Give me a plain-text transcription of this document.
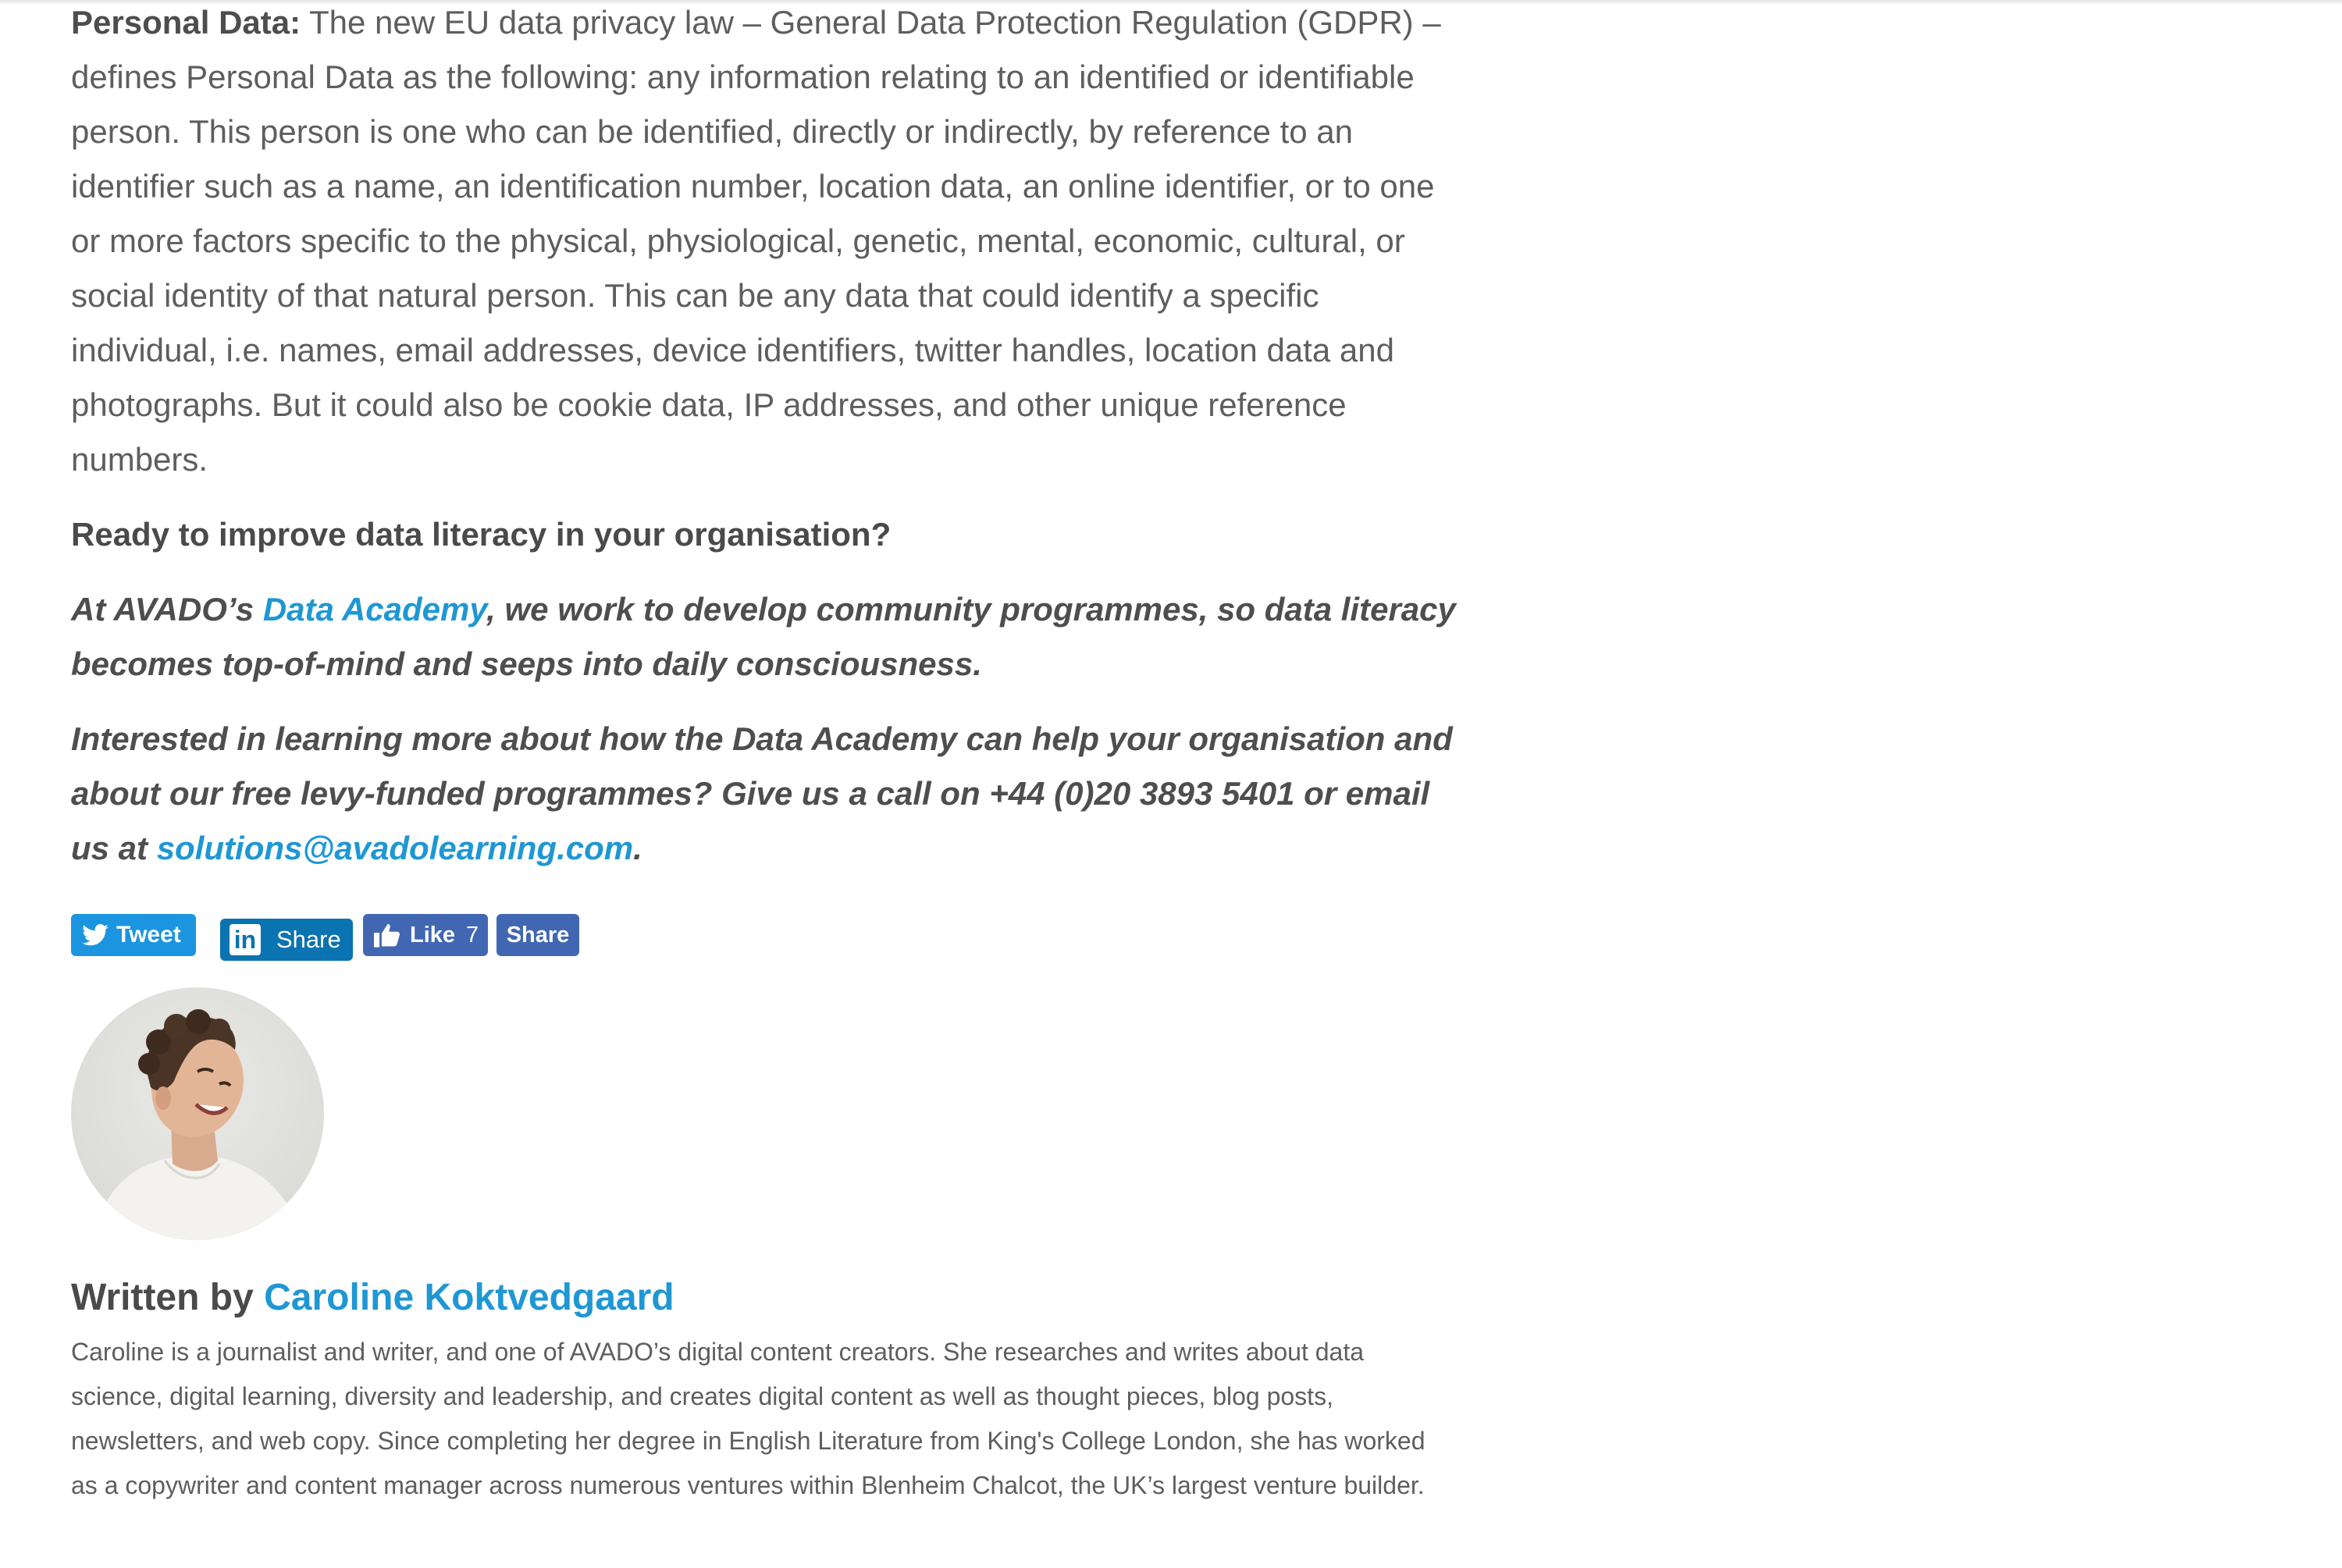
Personal Data: The new EU data privacy law – General Data Protection Regulation (GDPR) – defines Personal Data as the following: any information relating to an identified or identifiable person. This person is one who can be identified, directly or indirectly, by reference to an identifier such as a name, an identification number, location data, an online identifier, or to one or more factors specific to the physical, physiological, genetic, mental, economic, cultural, or social identity of that natural person. This can be any data that could identify a specific individual, i.e. names, email addresses, device identifiers, twitter handles, location data and photographs. But it could also be cookie data, IP addresses, and other unique reference numbers.

Ready to improve data literacy in your organisation?

At AVADO’s Data Academy, we work to develop community programmes, so data literacy becomes top-of-mind and seeps into daily consciousness.

Interested in learning more about how the Data Academy can help your organisation and about our free levy-funded programmes? Give us a call on +44 (0)20 3893 5401 or email us at solutions@avadolearning.com.

Tweet in Share	Like 7 Share

Written by Caroline Koktvedgaard

Caroline is a journalist and writer, and one of AVADO’s digital content creators. She researches and writes about data science, digital learning, diversity and leadership, and creates digital content as well as thought pieces, blog posts, newsletters, and web copy. Since completing her degree in English Literature from King's College London, she has worked as a copywriter and content manager across numerous ventures within Blenheim Chalcot, the UK’s largest venture builder.
